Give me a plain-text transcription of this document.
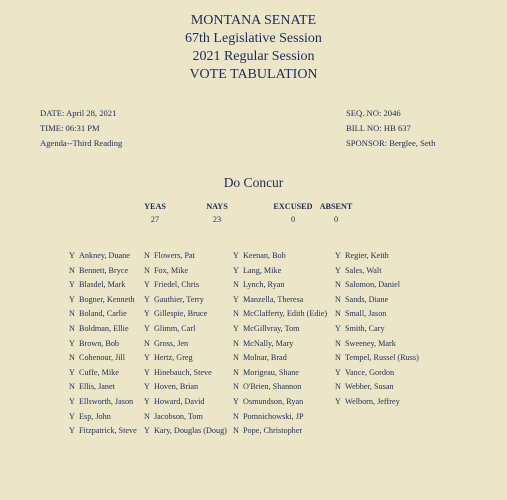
MONTANA SENATE
67th Legislative Session
2021 Regular Session
VOTE TABULATION
DATE: April 28, 2021
TIME: 06:31 PM
Agenda--Third Reading
SEQ. NO: 2046
BILL NO: HB 637
SPONSOR: Berglee, Seth
Do Concur
YEAS
27
NAYS
23
EXCUSED
0
ABSENT
0
Y Ankney, Duane
N Bennett, Bryce
Y Blasdel, Mark
Y Bogner, Kenneth
N Boland, Carlie
N Boldman, Ellie
Y Brown, Bob
N Cohenour, Jill
Y Cuffe, Mike
N Ellis, Janet
Y Ellsworth, Jason
Y Esp, John
Y Fitzpatrick, Steve
N Flowers, Pat
N Fox, Mike
Y Friedel, Chris
Y Gauthier, Terry
Y Gillespie, Bruce
Y Glimm, Carl
N Gross, Jen
Y Hertz, Greg
Y Hinebauch, Steve
Y Hoven, Brian
Y Howard, David
N Jacobson, Tom
Y Kary, Douglas (Doug)
Y Keenan, Bob
Y Lang, Mike
N Lynch, Ryan
Y Manzella, Theresa
N McClafferty, Edith (Edie)
Y McGillvray, Tom
N McNally, Mary
N Molnar, Brad
N Morigeau, Shane
N O'Brien, Shannon
Y Osmundson, Ryan
N Pomnichowski, JP
N Pope, Christopher
Y Regier, Keith
Y Sales, Walt
N Salomon, Daniel
N Sands, Diane
N Small, Jason
Y Smith, Cary
N Sweeney, Mark
N Tempel, Russel (Russ)
Y Vance, Gordon
N Webber, Susan
Y Welborn, Jeffrey
